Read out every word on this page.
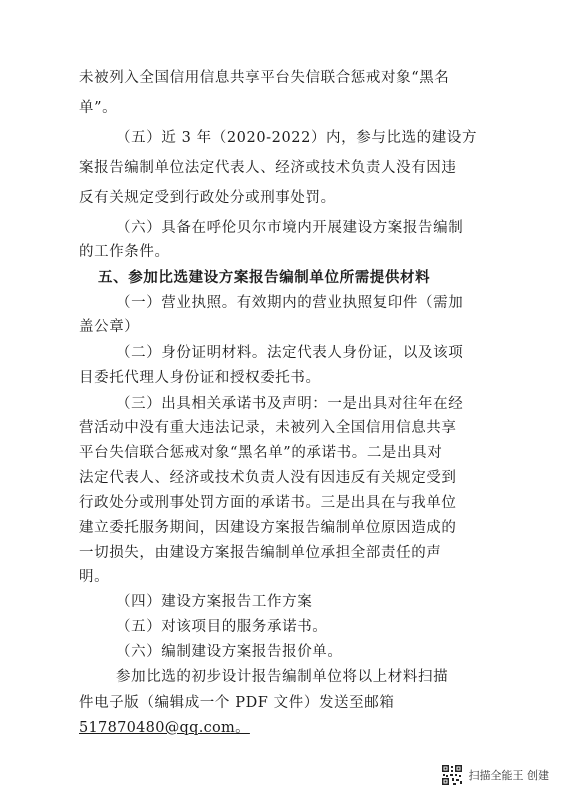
未被列入全国信用信息共享平台失信联合惩戒对象“黑名
单”。
（五）近 3 年（2020-2022）内，参与比选的建设方
案报告编制单位法定代表人、经济或技术负责人没有因违
反有关规定受到行政处分或刑事处罚。
（六）具备在呼伦贝尔市境内开展建设方案报告编制
的工作条件。
五、参加比选建设方案报告编制单位所需提供材料
（一）营业执照。有效期内的营业执照复印件（需加
盖公章）
（二）身份证明材料。法定代表人身份证，以及该项
目委托代理人身份证和授权委托书。
（三）出具相关承诺书及声明：一是出具对往年在经
营活动中没有重大违法记录，未被列入全国信用信息共享
平台失信联合惩戒对象“黑名单”的承诺书。二是出具对
法定代表人、经济或技术负责人没有因违反有关规定受到
行政处分或刑事处罚方面的承诺书。三是出具在与我单位
建立委托服务期间，因建设方案报告编制单位原因造成的
一切损失，由建设方案报告编制单位承担全部责任的声
明。
（四）建设方案报告工作方案
（五）对该项目的服务承诺书。
（六）编制建设方案报告报价单。
参加比选的初步设计报告编制单位将以上材料扫描
件电子版（编辑成一个 PDF 文件）发送至邮箱
517870480@qq.com。
扫描全能王 创建
